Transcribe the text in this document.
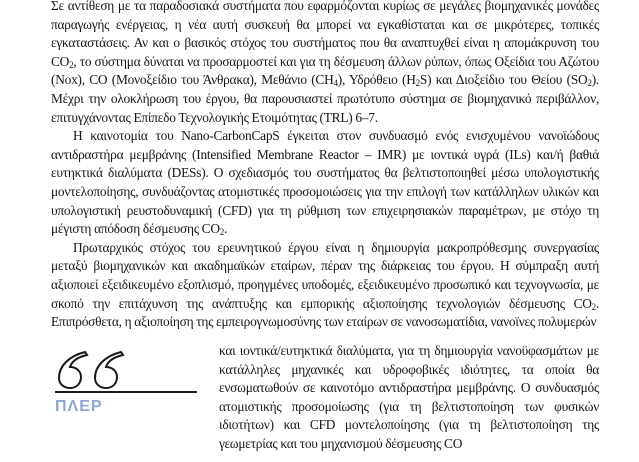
Σε αντίθεση με τα παραδοσιακά συστήματα που εφαρμόζονται κυρίως σε μεγάλες βιομηχανικές μονάδες παραγωγής ενέργειας, η νέα αυτή συσκευή θα μπορεί να εγκαθίσταται και σε μικρότερες, τοπικές εγκαταστάσεις. Αν και ο βασικός στόχος του συστήματος που θα αναπτυχθεί είναι η απομάκρυνση του $CO_2$, το σύστημα δύναται να προσαρμοστεί και για τη δέσμευση άλλων ρύπων, όπως Οξείδια του Αζώτου (Nox), CO (Μονοξείδιο του Άνθρακα), Μεθάνιο $(CH_4)$, Υδρόθειο $(H_2S)$ και Διοξείδιο του Θείου $(SO_2)$. Μέχρι την ολοκλήρωση του έργου, θα παρουσιαστεί πρωτότυπο σύστημα σε βιομηχανικό περιβάλλον, επιτυγχάνοντας Επίπεδο Τεχνολογικής Ετοιμότητας (TRL) 6–7.

Η καινοτομία του Nano-CarbonCapS έγκειται στον συνδυασμό ενός ενισχυμένου νανοϊώδους αντιδραστήρα μεμβράνης (Intensified Membrane Reactor – IMR) με ιοντικά υγρά (ILs) και/ή βαθιά ευτηκτικά διαλύματα (DESs). Ο σχεδιασμός του συστήματος θα βελτιστοποιηθεί μέσω υπολογιστικής μοντελοποίησης, συνδυάζοντας ατομιστικές προσομοιώσεις για την επιλογή των κατάλληλων υλικών και υπολογιστική ρευστοδυναμική (CFD) για τη ρύθμιση των επιχειρησιακών παραμέτρων, με στόχο τη μέγιστη απόδοση δέσμευσης $CO_2$.

Πρωταρχικός στόχος του ερευνητικού έργου είναι η δημιουργία μακροπρόθεσμης συνεργασίας μεταξύ βιομηχανικών και ακαδημαϊκών εταίρων, πέραν της διάρκειας του έργου. Η σύμπραξη αυτή αξιοποιεί εξειδικευμένο εξοπλισμό, προηγμένες υποδομές, εξειδικευμένο προσωπικό και τεχνογνωσία, με σκοπό την επιτάχυνση της ανάπτυξης και εμπορικής αξιοποίησης τεχνολογιών δέσμευσης $CO_2$. Επιπρόσθετα, η αξιοποίηση της εμπειρογνωμοσύνης των εταίρων σε νανοσωματίδια, νανοϊνες πολυμερών

ΠΛΕΡ

και ιοντικά/ευτηκτικά διαλύματα, για τη δημιουργία νανοϋφασμάτων με κατάλληλες μηχανικές και υδροφοβικές ιδιότητες, τα οποία θα ενσωματωθούν σε καινοτόμο αντιδραστήρα μεμβράνης. Ο συνδυασμός ατομιστικής προσομοίωσης (για τη βελτιστοποίηση των φυσικών ιδιοτήτων) και CFD μοντελοποίησης (για τη βελτιστοποίηση της γεωμετρίας και του μηχανισμού δέσμευσης CO
